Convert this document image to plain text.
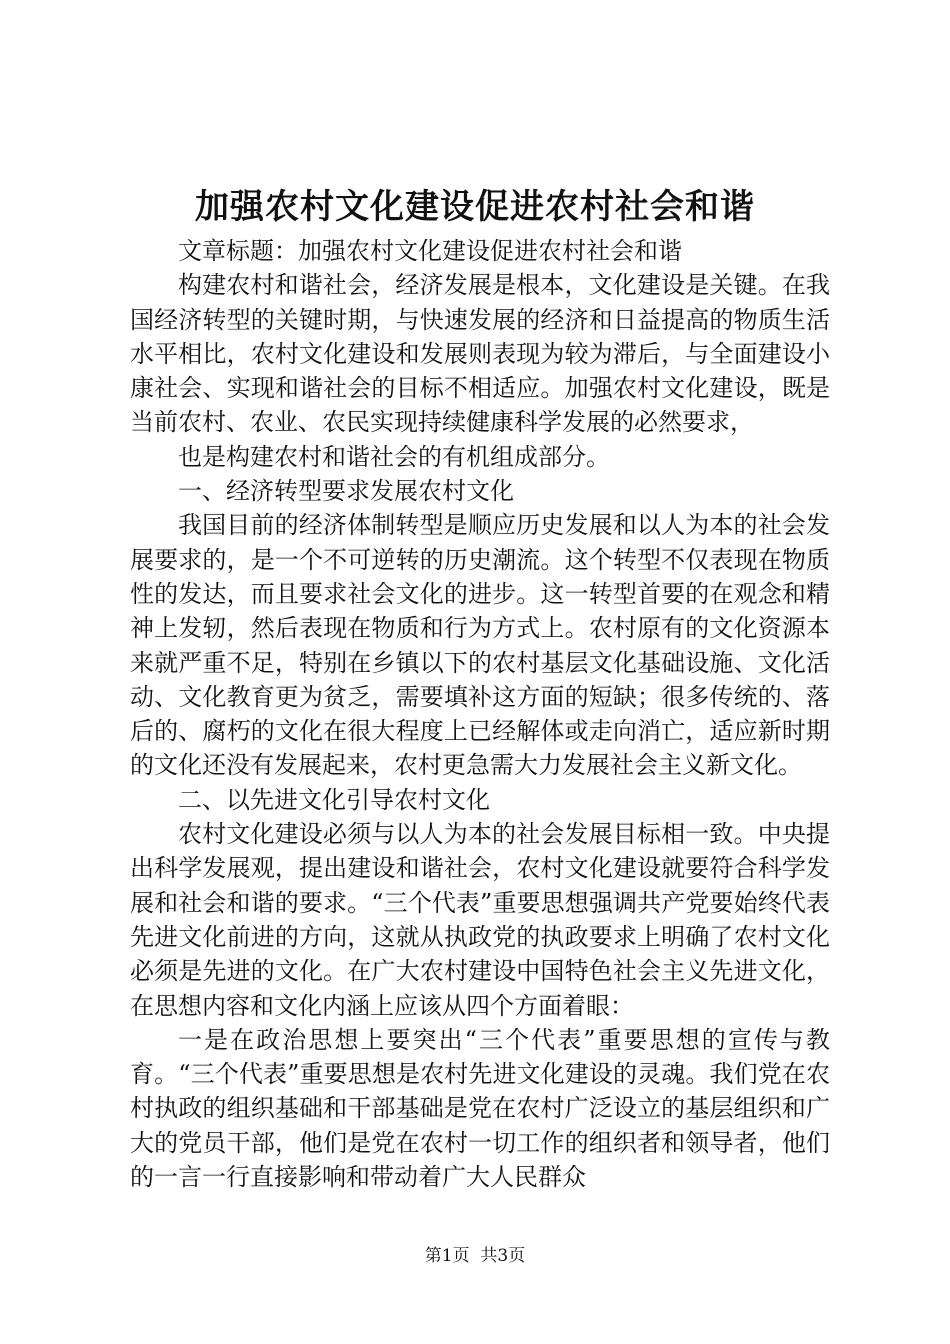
加强农村文化建设促进农村社会和谐

文章标题：加强农村文化建设促进农村社会和谐

构建农村和谐社会，经济发展是根本，文化建设是关键。在我国经济转型的关键时期，与快速发展的经济和日益提高的物质生活水平相比，农村文化建设和发展则表现为较为滞后，与全面建设小康社会、实现和谐社会的目标不相适应。加强农村文化建设，既是当前农村、农业、农民实现持续健康科学发展的必然要求，

也是构建农村和谐社会的有机组成部分。

一、经济转型要求发展农村文化

我国目前的经济体制转型是顺应历史发展和以人为本的社会发展要求的，是一个不可逆转的历史潮流。这个转型不仅表现在物质性的发达，而且要求社会文化的进步。这一转型首要的在观念和精神上发轫，然后表现在物质和行为方式上。农村原有的文化资源本来就严重不足，特别在乡镇以下的农村基层文化基础设施、文化活动、文化教育更为贫乏，需要填补这方面的短缺；很多传统的、落后的、腐朽的文化在很大程度上已经解体或走向消亡，适应新时期的文化还没有发展起来，农村更急需大力发展社会主义新文化。

二、以先进文化引导农村文化

农村文化建设必须与以人为本的社会发展目标相一致。中央提出科学发展观，提出建设和谐社会，农村文化建设就要符合科学发展和社会和谐的要求。“三个代表”重要思想强调共产党要始终代表先进文化前进的方向，这就从执政党的执政要求上明确了农村文化必须是先进的文化。在广大农村建设中国特色社会主义先进文化，在思想内容和文化内涵上应该从四个方面着眼：

一是在政治思想上要突出“三个代表”重要思想的宣传与教育。“三个代表”重要思想是农村先进文化建设的灵魂。我们党在农村执政的组织基础和干部基础是党在农村广泛设立的基层组织和广大的党员干部，他们是党在农村一切工作的组织者和领导者，他们的一言一行直接影响和带动着广大人民群众

第1页 共3页
